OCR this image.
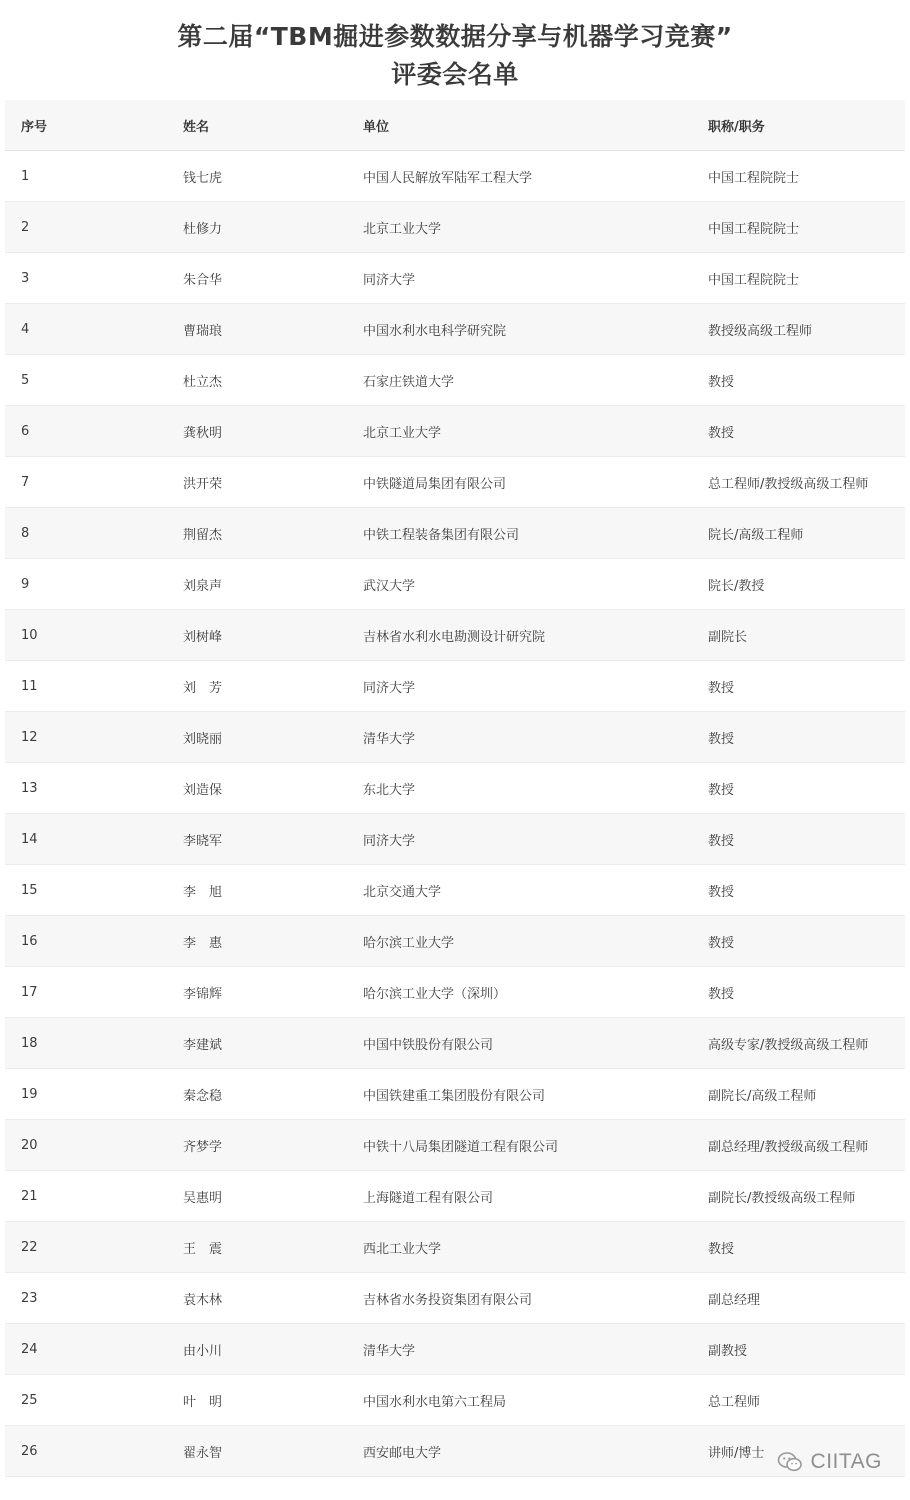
第二届“TBM掘进参数数据分享与机器学习竞赛”
评委会名单
序号	姓名	单位	职称/职务
1	钱七虎	中国人民解放军陆军工程大学	中国工程院院士
2	杜修力	北京工业大学	中国工程院院士
3	朱合华	同济大学	中国工程院院士
4	曹瑞琅	中国水利水电科学研究院	教授级高级工程师
5	杜立杰	石家庄铁道大学	教授
6	龚秋明	北京工业大学	教授
7	洪开荣	中铁隧道局集团有限公司	总工程师/教授级高级工程师
8	荆留杰	中铁工程装备集团有限公司	院长/高级工程师
9	刘泉声	武汉大学	院长/教授
10	刘树峰	吉林省水利水电勘测设计研究院	副院长
11	刘　芳	同济大学	教授
12	刘晓丽	清华大学	教授
13	刘造保	东北大学	教授
14	李晓军	同济大学	教授
15	李　旭	北京交通大学	教授
16	李　惠	哈尔滨工业大学	教授
17	李锦辉	哈尔滨工业大学（深圳）	教授
18	李建斌	中国中铁股份有限公司	高级专家/教授级高级工程师
19	秦念稳	中国铁建重工集团股份有限公司	副院长/高级工程师
20	齐梦学	中铁十八局集团隧道工程有限公司	副总经理/教授级高级工程师
21	吴惠明	上海隧道工程有限公司	副院长/教授级高级工程师
22	王　震	西北工业大学	教授
23	袁木林	吉林省水务投资集团有限公司	副总经理
24	由小川	清华大学	副教授
25	叶　明	中国水利水电第六工程局	总工程师
26	翟永智	西安邮电大学	讲师/博士 CIITAG
